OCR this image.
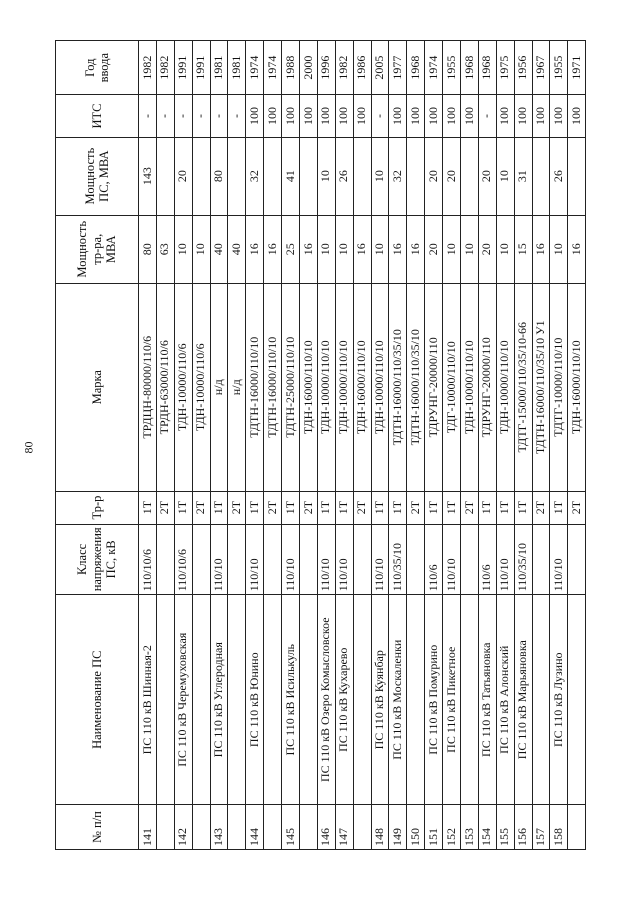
80
№ п/п	Наименование ПС	Класс напряжения ПС, кВ	Тр-р	Марка	Мощность тр-ра, МВА	Мощность ПС, МВА	ИТС	Год ввода
141	ПС 110 кВ Шинная-2	110/10/6	1Т	ТРДЦН-80000/110/6	80	143	-	1982
			2Т	ТРДН-63000/110/6	63		-	1982
142	ПС 110 кВ Черемуховская	110/10/6	1Т	ТДН-10000/110/6	10	20	-	1991
			2Т	ТДН-10000/110/6	10		-	1991
143	ПС 110 кВ Углеродная	110/10	1Т	н/д	40	80	-	1981
			2Т	н/д	40		-	1981
144	ПС 110 кВ Юнино	110/10	1Т	ТДТН-16000/110/10	16	32	100	1974
			2Т	ТДТН-16000/110/10	16		100	1974
145	ПС 110 кВ Исилькуль	110/10	1Т	ТДТН-25000/110/10	25	41	100	1988
			2Т	ТДН-16000/110/10	16		100	2000
146	ПС 110 кВ Озеро Комысловское	110/10	1Т	ТДН-10000/110/10	10	10	100	1996
147	ПС 110 кВ Кухарево	110/10	1Т	ТДН-10000/110/10	10	26	100	1982
			2Т	ТДН-16000/110/10	16		100	1986
148	ПС 110 кВ Куянбар	110/10	1Т	ТДН-10000/110/10	10	10	-	2005
149	ПС 110 кВ Москаленки	110/35/10	1Т	ТДТН-16000/110/35/10	16	32	100	1977
150			2Т	ТДТН-16000/110/35/10	16		100	1968
151	ПС 110 кВ Помурино	110/6	1Т	ТДРУНГ-20000/110	20	20	100	1974
152	ПС 110 кВ Пикетное	110/10	1Т	ТДГ-10000/110/10	10	20	100	1955
153			2Т	ТДН-10000/110/10	10		100	1968
154	ПС 110 кВ Татьяновка	110/6	1Т	ТДРУНГ-20000/110	20	20	-	1968
155	ПС 110 кВ Алонский	110/10	1Т	ТДН-10000/110/10	10	10	100	1975
156	ПС 110 кВ Марьяновка	110/35/10	1Т	ТДТГ-15000/110/35/10-66	15	31	100	1956
157			2Т	ТДТН-16000/110/35/10 У1	16		100	1967
158	ПС 110 кВ Лузино	110/10	1Т	ТДТГ-10000/110/10	10	26	100	1955
			2Т	ТДН-16000/110/10	16		100	1971
